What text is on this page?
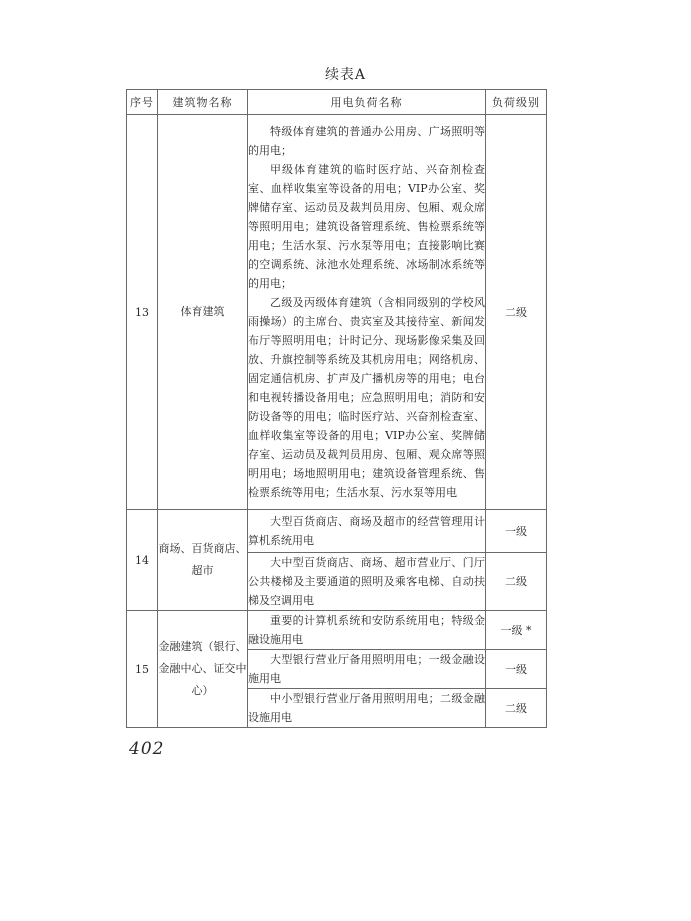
续表A
序号	建筑物名称	用电负荷名称	负荷级别
13	体育建筑	特级体育建筑的普通办公用房、广场照明等的用电；

甲级体育建筑的临时医疗站、兴奋剂检查室、血样收集室等设备的用电；VIP办公室、奖牌储存室、运动员及裁判员用房、包厢、观众席等照明用电；建筑设备管理系统、售检票系统等用电；生活水泵、污水泵等用电；直接影响比赛的空调系统、泳池水处理系统、冰场制冰系统等的用电；

乙级及丙级体育建筑（含相同级别的学校风雨操场）的主席台、贵宾室及其接待室、新闻发布厅等照明用电；计时记分、现场影像采集及回放、升旗控制等系统及其机房用电；网络机房、固定通信机房、扩声及广播机房等的用电；电台和电视转播设备用电；应急照明用电；消防和安防设备等的用电；临时医疗站、兴奋剂检查室、血样收集室等设备的用电；VIP办公室、奖牌储存室、运动员及裁判员用房、包厢、观众席等照明用电；场地照明用电；建筑设备管理系统、售检票系统等用电；生活水泵、污水泵等用电	二级
14	商场、百货商店、超市	大型百货商店、商场及超市的经营管理用计算机系统用电	一级

		大中型百货商店、商场、超市营业厅、门厅公共楼梯及主要通道的照明及乘客电梯、自动扶梯及空调用电	二级
15	金融建筑（银行、金融中心、证交中心）	重要的计算机系统和安防系统用电；特级金融设施用电	一级 *

		大型银行营业厅备用照明用电；一级金融设施用电	一级

		中小型银行营业厅备用照明用电；二级金融设施用电	二级
402
